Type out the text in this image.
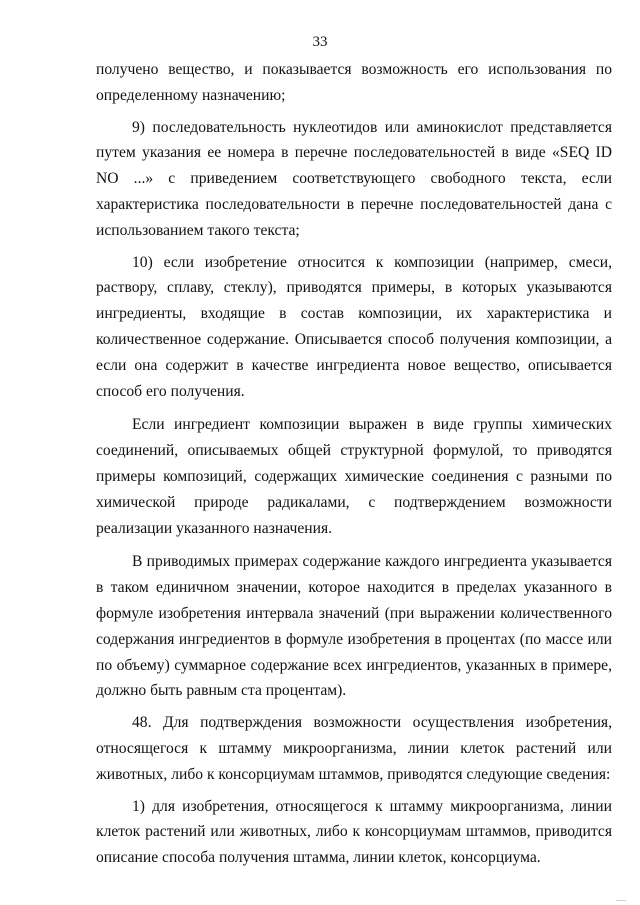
33

получено вещество, и показывается возможность его использования по определенному назначению;

9) последовательность нуклеотидов или аминокислот представляется путем указания ее номера в перечне последовательностей в виде «SEQ ID NO ...» с приведением соответствующего свободного текста, если характеристика последовательности в перечне последовательностей дана с использованием такого текста;

10) если изобретение относится к композиции (например, смеси, раствору, сплаву, стеклу), приводятся примеры, в которых указываются ингредиенты, входящие в состав композиции, их характеристика и количественное содержание. Описывается способ получения композиции, а если она содержит в качестве ингредиента новое вещество, описывается способ его получения.

Если ингредиент композиции выражен в виде группы химических соединений, описываемых общей структурной формулой, то приводятся примеры композиций, содержащих химические соединения с разными по химической природе радикалами, с подтверждением возможности реализации указанного назначения.

В приводимых примерах содержание каждого ингредиента указывается в таком единичном значении, которое находится в пределах указанного в формуле изобретения интервала значений (при выражении количественного содержания ингредиентов в формуле изобретения в процентах (по массе или по объему) суммарное содержание всех ингредиентов, указанных в примере, должно быть равным ста процентам).

48. Для подтверждения возможности осуществления изобретения, относящегося к штамму микроорганизма, линии клеток растений или животных, либо к консорциумам штаммов, приводятся следующие сведения:

1) для изобретения, относящегося к штамму микроорганизма, линии клеток растений или животных, либо к консорциумам штаммов, приводится описание способа получения штамма, линии клеток, консорциума.
